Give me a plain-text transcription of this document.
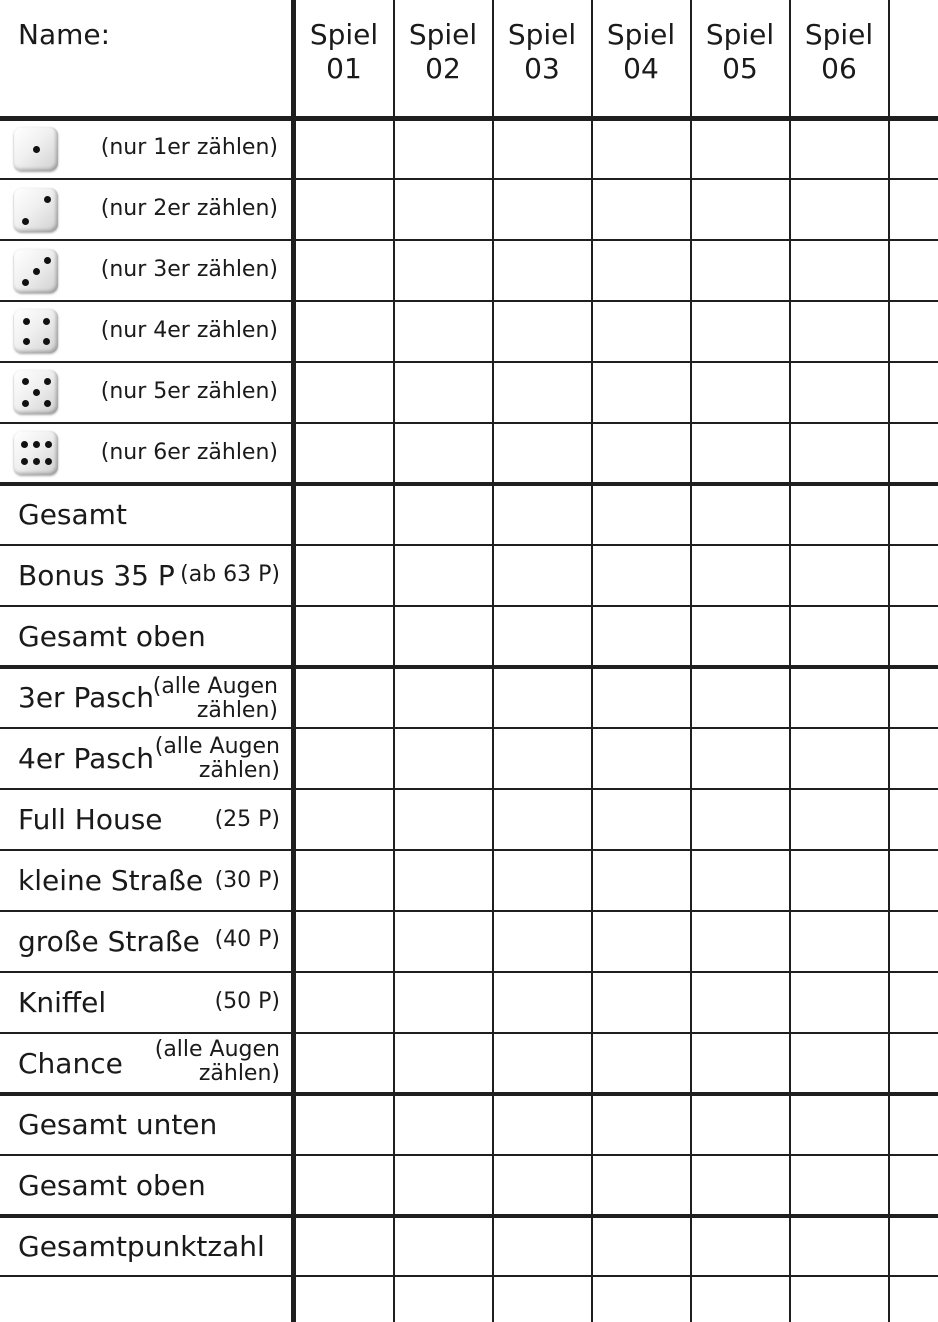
Name:	Spiel
01
Spiel
02
Spiel
03
Spiel
04
Spiel
05
Spiel
06
(nur 1er zählen)
(nur 2er zählen)
(nur 3er zählen)
(nur 4er zählen)
(nur 5er zählen)
(nur 6er zählen)
Gesamt
Bonus 35 P (ab 63 P)
Gesamt oben
3er Pasch
(alle Augen
zählen)
4er Pasch (alle Augen
zählen)
Full House (25 P)
kleine Straße (30 P)
große Straße (40 P)
Kniffel	(50 P)
Chance (alle Augen
zählen)
Gesamt unten
Gesamt oben
Gesamtpunktzahl
